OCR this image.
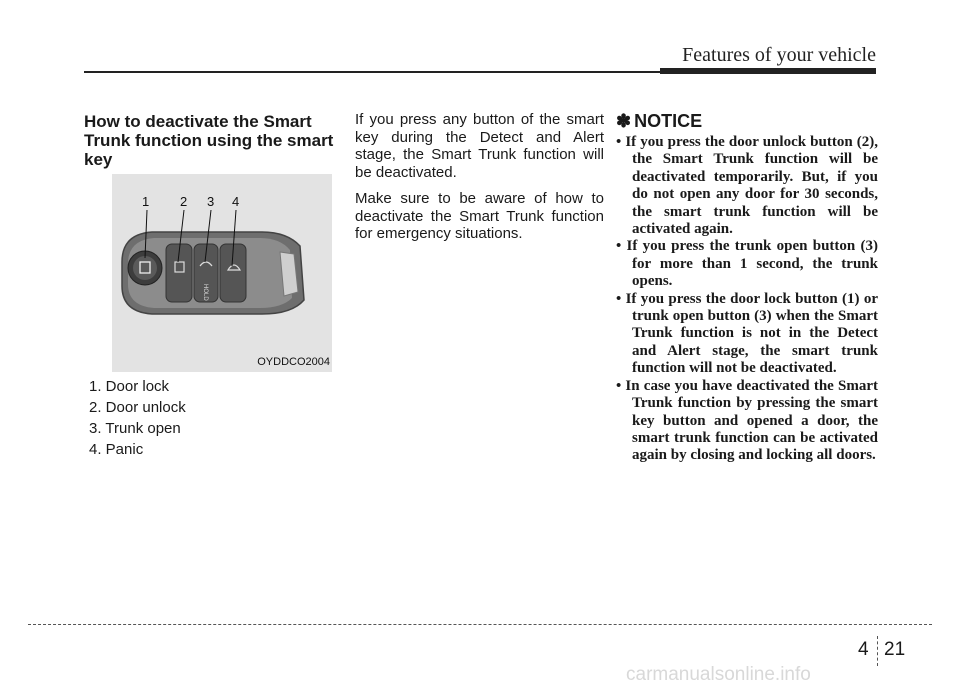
Features of your vehicle
How to deactivate the Smart Trunk function using the smart key
HOLD
1 2 3 4
OYDDCO2004
1. Door lock
2. Door unlock
3. Trunk open
4. Panic

If you press any button of the smart key during the Detect and Alert stage, the Smart Trunk function will be deactivated.

Make sure to be aware of how to deactivate the Smart Trunk function for emergency situations.

✽ NOTICE
• If you press the door unlock button (2), the Smart Trunk function will be deactivated temporarily. But, if you do not open any door for 30 seconds, the smart trunk function will be activated again.
• If you press the trunk open button (3) for more than 1 second, the trunk opens.
• If you press the door lock button (1) or trunk open button (3) when the Smart Trunk function is not in the Detect and Alert stage, the smart trunk function will not be deactivated.
• In case you have deactivated the Smart Trunk function by pressing the smart key button and opened a door, the smart trunk function can be activated again by closing and locking all doors.
4 21
carmanualsonline.info
